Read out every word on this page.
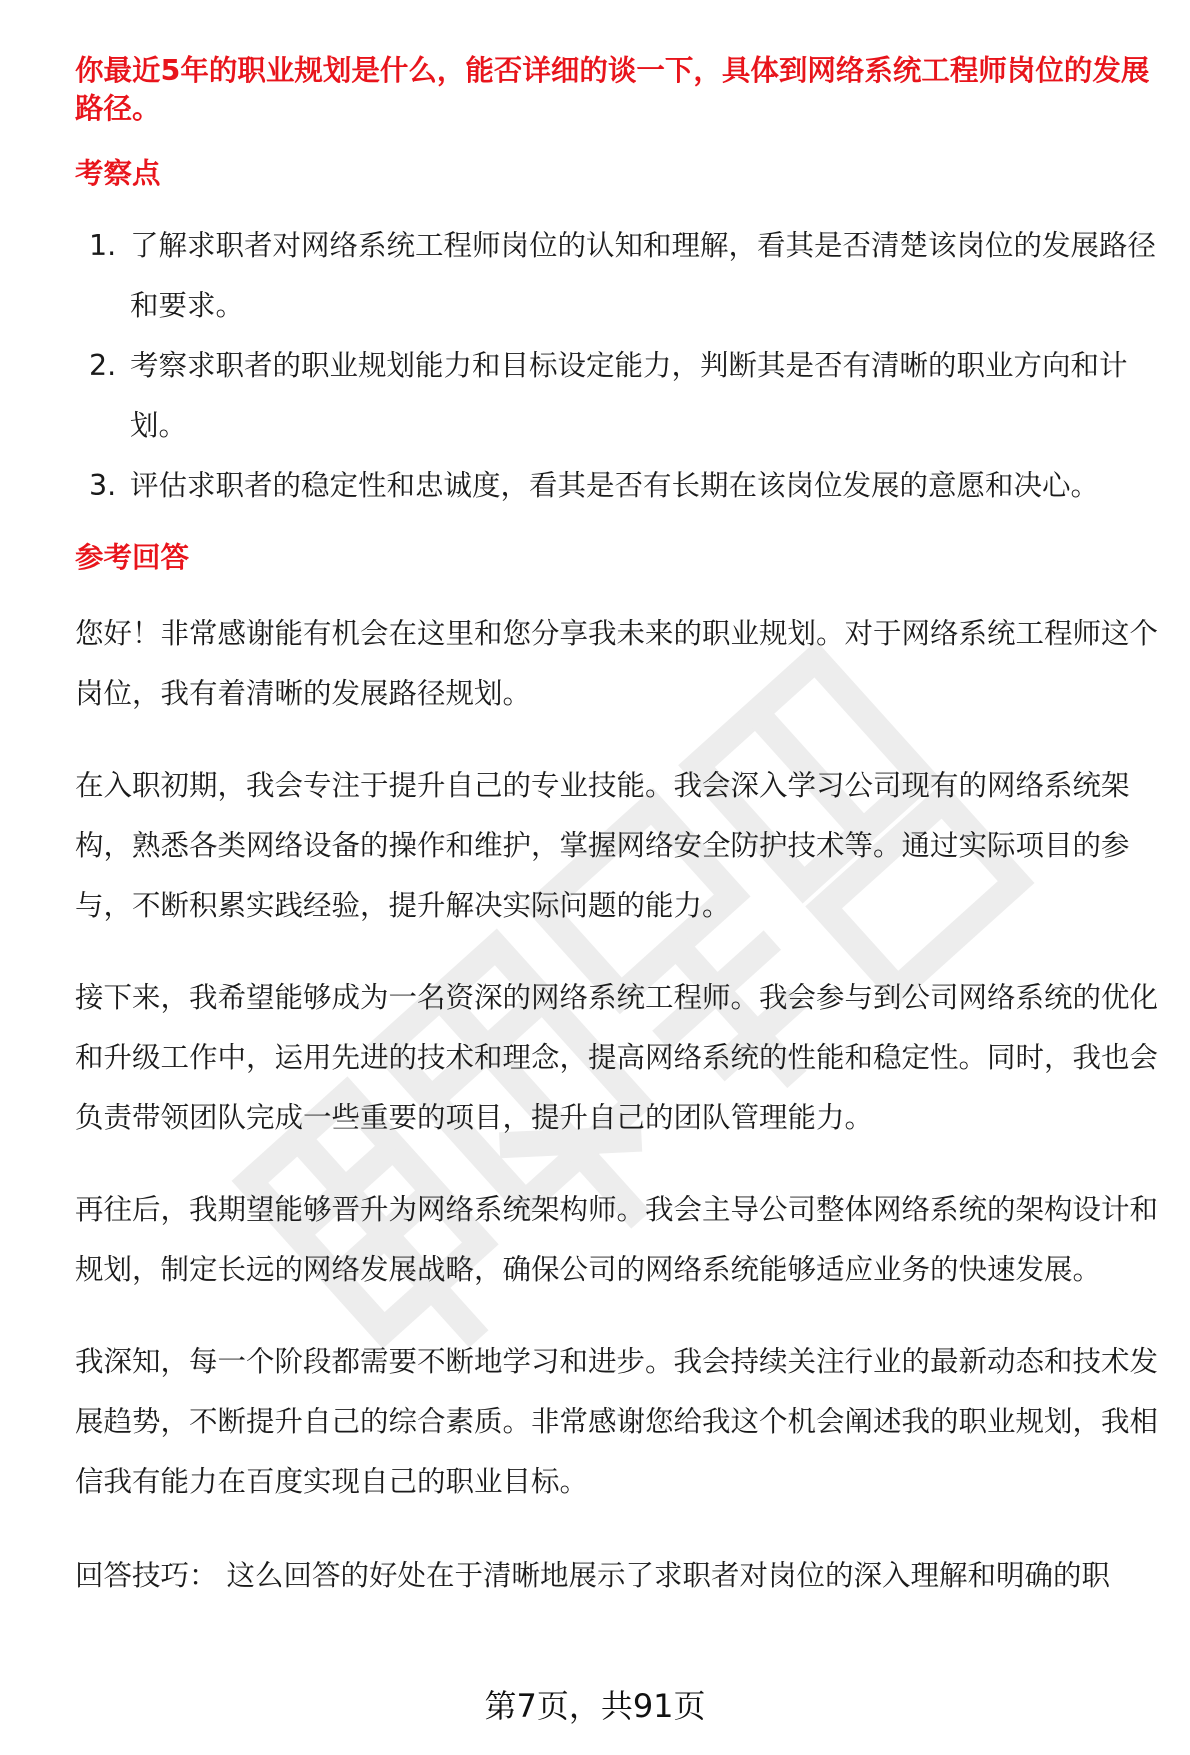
你最近5年的职业规划是什么，能否详细的谈一下，具体到网络系统工程师岗位的发展路径。

考察点
1. 了解求职者对网络系统工程师岗位的认知和理解，看其是否清楚该岗位的发展路径和要求。
2. 考察求职者的职业规划能力和目标设定能力，判断其是否有清晰的职业方向和计划。
3. 评估求职者的稳定性和忠诚度，看其是否有长期在该岗位发展的意愿和决心。
参考回答

您好！非常感谢能有机会在这里和您分享我未来的职业规划。对于网络系统工程师这个岗位，我有着清晰的发展路径规划。

在入职初期，我会专注于提升自己的专业技能。我会深入学习公司现有的网络系统架构，熟悉各类网络设备的操作和维护，掌握网络安全防护技术等。通过实际项目的参与，不断积累实践经验，提升解决实际问题的能力。

接下来，我希望能够成为一名资深的网络系统工程师。我会参与到公司网络系统的优化和升级工作中，运用先进的技术和理念，提高网络系统的性能和稳定性。同时，我也会负责带领团队完成一些重要的项目，提升自己的团队管理能力。

再往后，我期望能够晋升为网络系统架构师。我会主导公司整体网络系统的架构设计和规划，制定长远的网络发展战略，确保公司的网络系统能够适应业务的快速发展。

我深知，每一个阶段都需要不断地学习和进步。我会持续关注行业的最新动态和技术发展趋势，不断提升自己的综合素质。非常感谢您给我这个机会阐述我的职业规划，我相信我有能力在百度实现自己的职业目标。

回答技巧： 这么回答的好处在于清晰地展示了求职者对岗位的深入理解和明确的职
第7页，共91页
